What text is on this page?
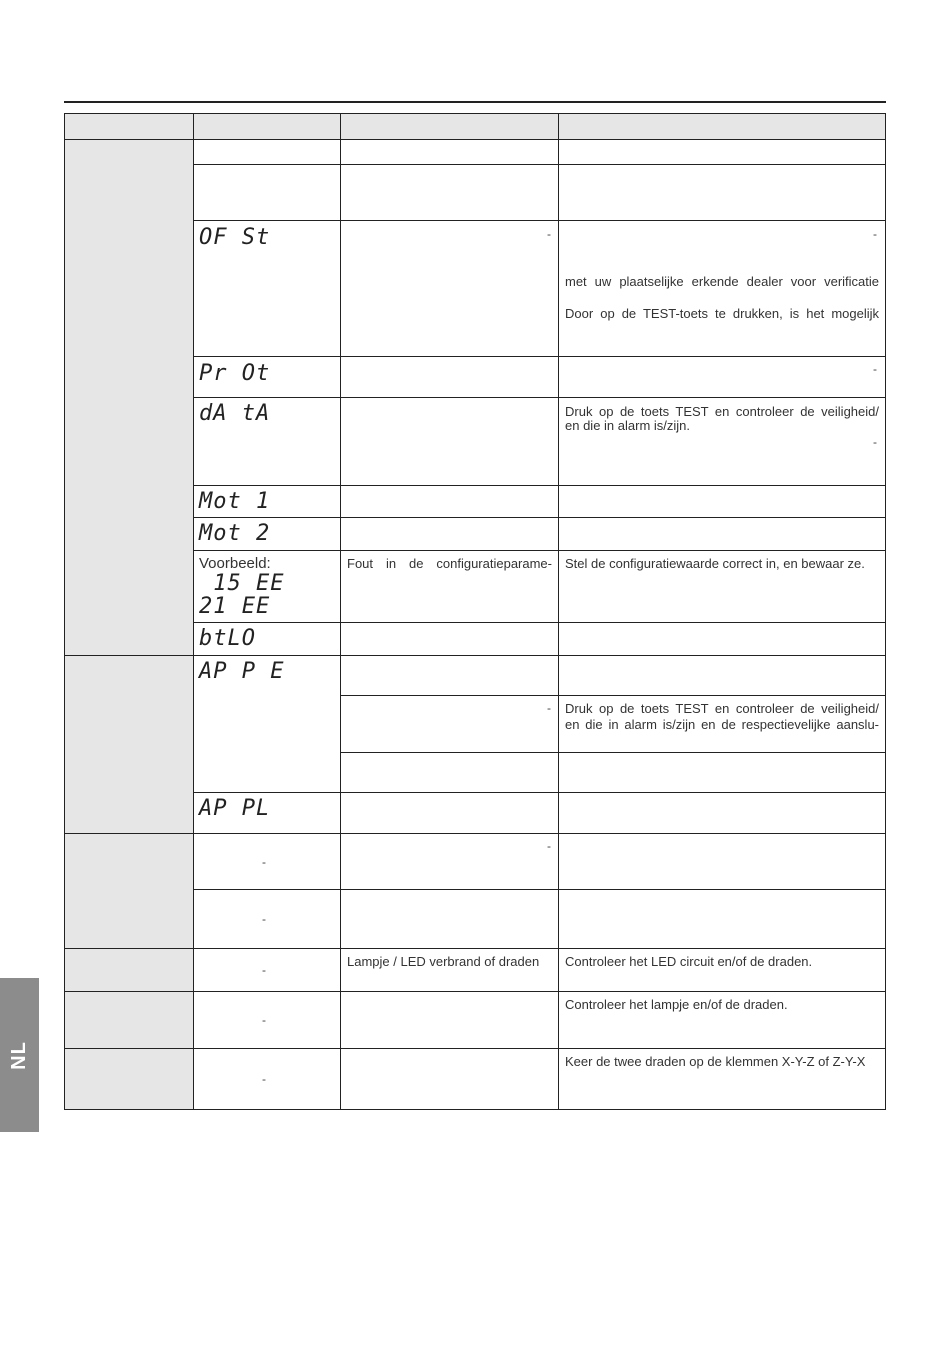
NL
OF St
Pr Ot
dA tA
Mot 1
Mot 2
Voorbeeld:
15 EE
21 EE
btLO
AP P E
AP PL
-	-
-
-
-
-
-
-
-
-
-
met uw plaatselijke erkende dealer voor verificatie
Door op de TEST-toets te drukken, is het mogelijk
Druk op de toets TEST en controleer de veiligheid/
en die in alarm is/zijn.
Fout in de configuratieparame- Stel de configuratiewaarde correct in, en bewaar ze.
Druk op de toets TEST en controleer de veiligheid/
en die in alarm is/zijn en de respectievelijke aanslu-
Lampje / LED verbrand of draden	Controleer het LED circuit en/of de draden.
Controleer het lampje en/of de draden.
Keer de twee draden op de klemmen X-Y-Z of Z-Y-X
